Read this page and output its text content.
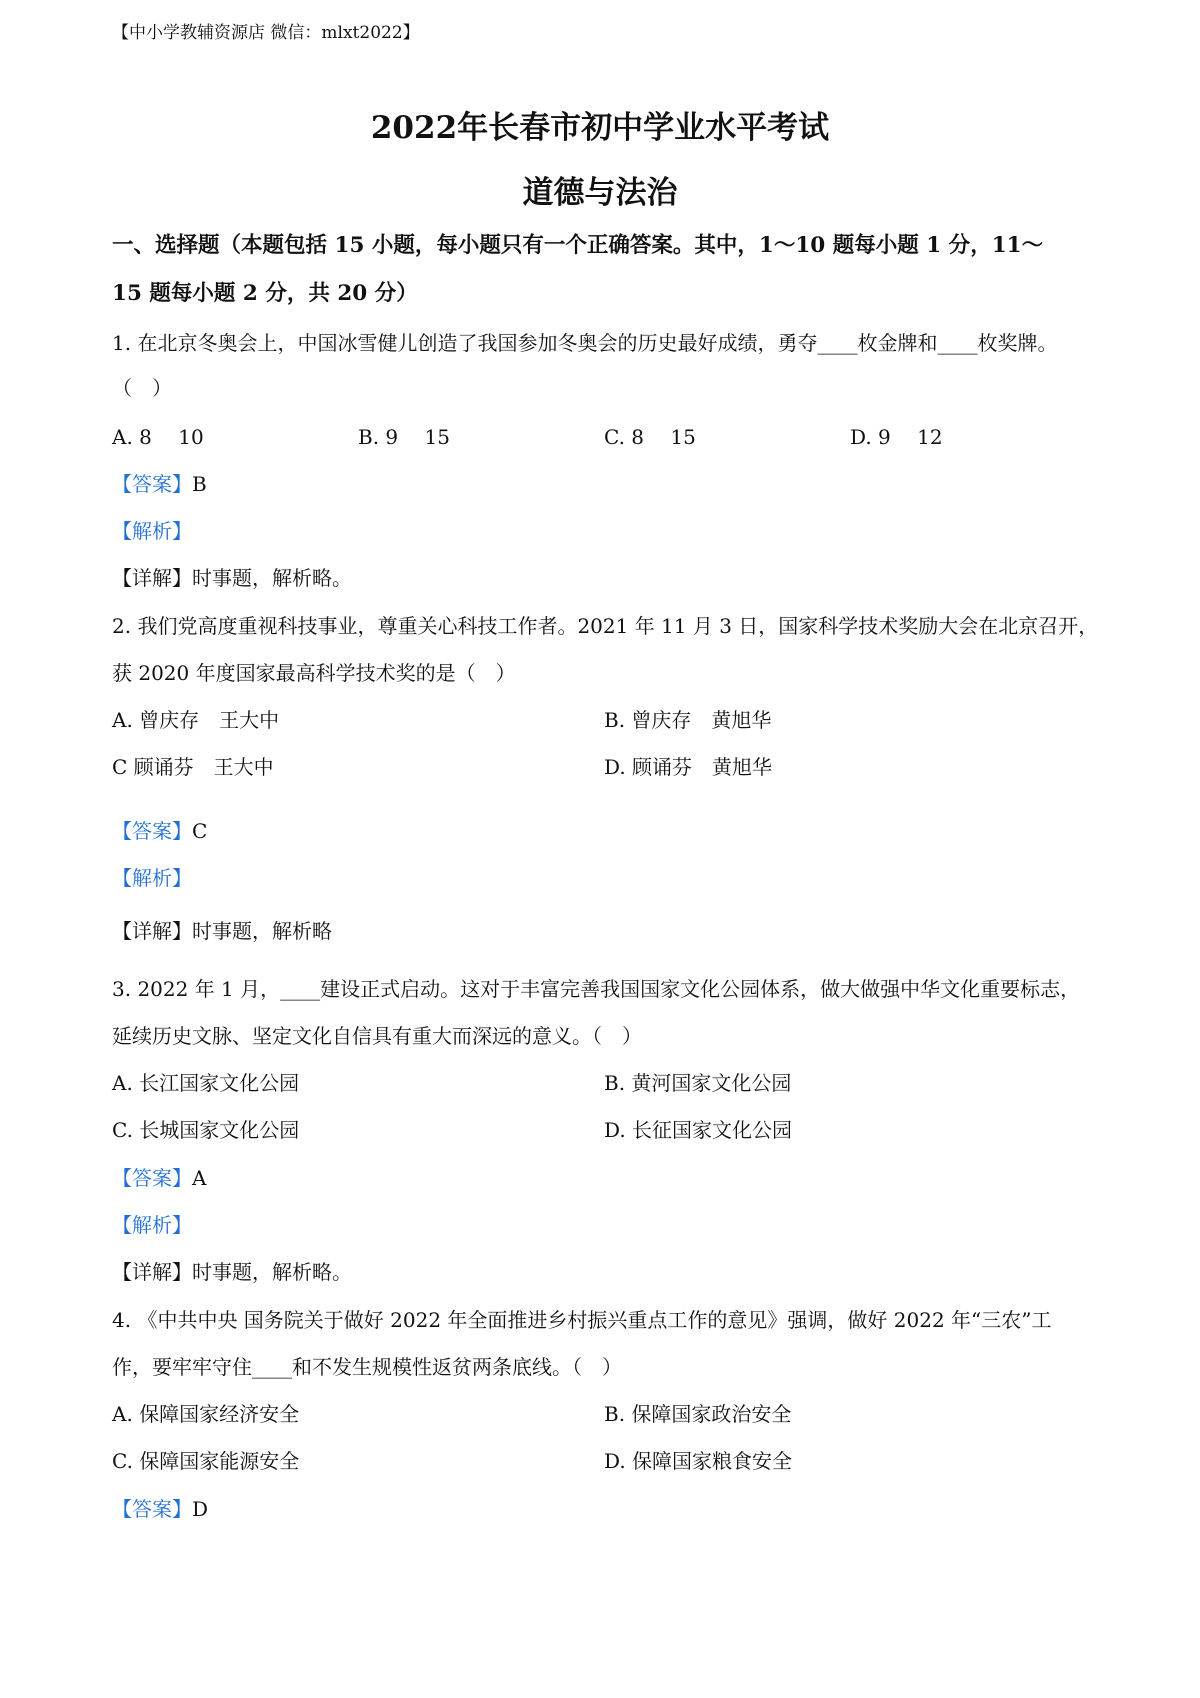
【中小学教辅资源店 微信：mlxt2022】
2022年长春市初中学业水平考试
道德与法治
一、选择题（本题包括 15 小题，每小题只有一个正确答案。其中，1～10 题每小题 1 分，11～
15 题每小题 2 分，共 20 分）
1. 在北京冬奥会上，中国冰雪健儿创造了我国参加冬奥会的历史最好成绩，勇夺____枚金牌和____枚奖牌。
（　）
A. 8　 10	B. 9　 15	C. 8　 15	D. 9　 12
【答案】B
【解析】
【详解】时事题，解析略。
2. 我们党高度重视科技事业，尊重关心科技工作者。2021 年 11 月 3 日，国家科学技术奖励大会在北京召开，
获 2020 年度国家最高科学技术奖的是（　）
A. 曾庆存　王大中	B. 曾庆存　黄旭华
C 顾诵芬　王大中	D. 顾诵芬　黄旭华
【答案】C
【解析】
【详解】时事题，解析略
3. 2022 年 1 月，____建设正式启动。这对于丰富完善我国国家文化公园体系，做大做强中华文化重要标志，
延续历史文脉、坚定文化自信具有重大而深远的意义。（　）
A. 长江国家文化公园	B. 黄河国家文化公园
C. 长城国家文化公园	D. 长征国家文化公园
【答案】A
【解析】
【详解】时事题，解析略。
4. 《中共中央 国务院关于做好 2022 年全面推进乡村振兴重点工作的意见》强调，做好 2022 年“三农”工
作，要牢牢守住____和不发生规模性返贫两条底线。（　）
A. 保障国家经济安全	B. 保障国家政治安全
C. 保障国家能源安全	D. 保障国家粮食安全
【答案】D
